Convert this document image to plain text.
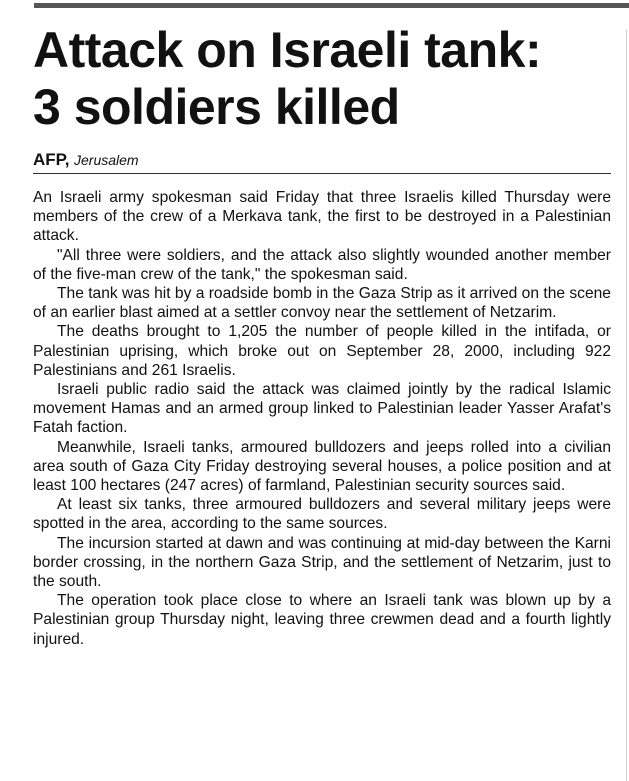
Attack on Israeli tank:
3 soldiers killed
AFP, Jerusalem

An Israeli army spokesman said Friday that three Israelis killed Thursday were members of the crew of a Merkava tank, the first to be destroyed in a Palestinian attack.

"All three were soldiers, and the attack also slightly wounded another member of the five-man crew of the tank," the spokesman said.

The tank was hit by a roadside bomb in the Gaza Strip as it arrived on the scene of an earlier blast aimed at a settler convoy near the settlement of Netzarim.

The deaths brought to 1,205 the number of people killed in the intifada, or Palestinian uprising, which broke out on September 28, 2000, including 922 Palestinians and 261 Israelis.

Israeli public radio said the attack was claimed jointly by the radical Islamic movement Hamas and an armed group linked to Palestinian leader Yasser Arafat's Fatah faction.

Meanwhile, Israeli tanks, armoured bulldozers and jeeps rolled into a civilian area south of Gaza City Friday destroying several houses, a police position and at least 100 hectares (247 acres) of farmland, Palestinian security sources said.

At least six tanks, three armoured bulldozers and several military jeeps were spotted in the area, according to the same sources.

The incursion started at dawn and was continuing at mid-day between the Karni border crossing, in the northern Gaza Strip, and the settlement of Netzarim, just to the south.

The operation took place close to where an Israeli tank was blown up by a Palestinian group Thursday night, leaving three crewmen dead and a fourth lightly injured.
